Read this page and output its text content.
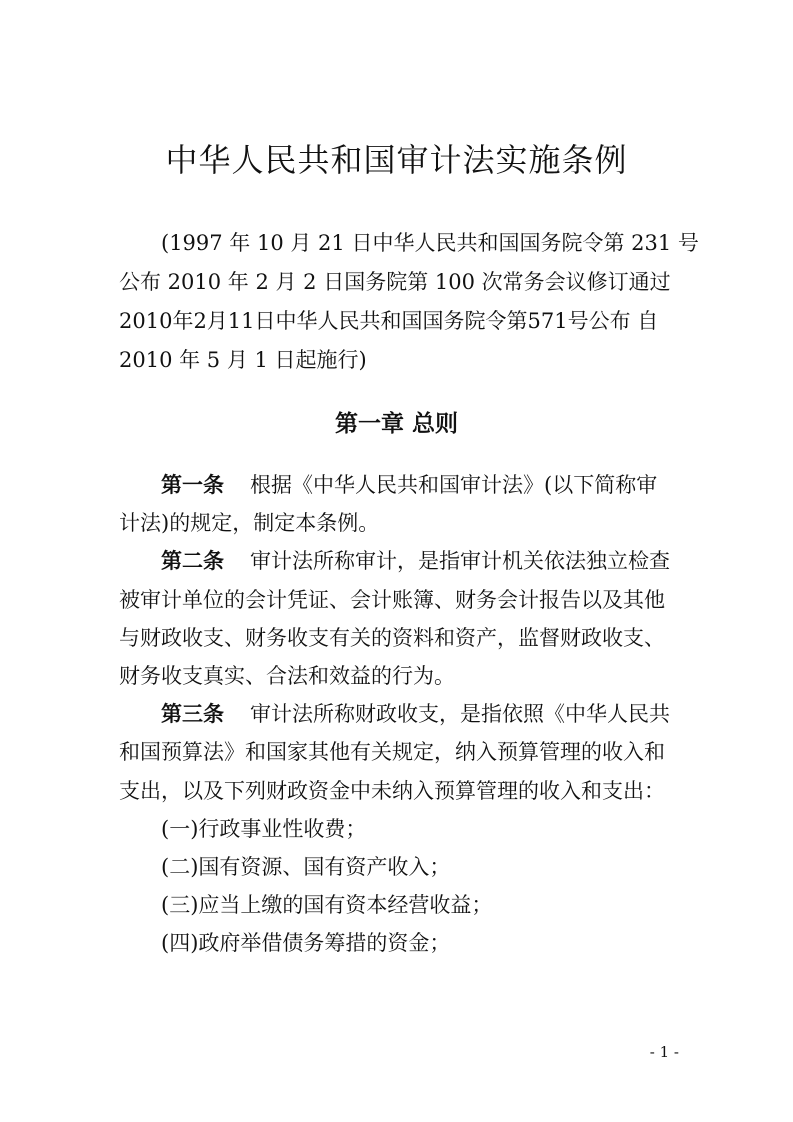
中华人民共和国审计法实施条例
(1997 年 10 月 21 日中华人民共和国国务院令第 231 号
公布 2010 年 2 月 2 日国务院第 100 次常务会议修订通过
2010年2月11日中华人民共和国国务院令第571号公布 自
2010 年 5 月 1 日起施行)
第一章 总则
第一条 根据《中华人民共和国审计法》(以下简称审
计法)的规定，制定本条例。
第二条 审计法所称审计，是指审计机关依法独立检查
被审计单位的会计凭证、会计账簿、财务会计报告以及其他
与财政收支、财务收支有关的资料和资产，监督财政收支、
财务收支真实、合法和效益的行为。
第三条 审计法所称财政收支，是指依照《中华人民共
和国预算法》和国家其他有关规定，纳入预算管理的收入和
支出，以及下列财政资金中未纳入预算管理的收入和支出：
(一)行政事业性收费；
(二)国有资源、国有资产收入；
(三)应当上缴的国有资本经营收益；
(四)政府举借债务筹措的资金；
- 1 -
